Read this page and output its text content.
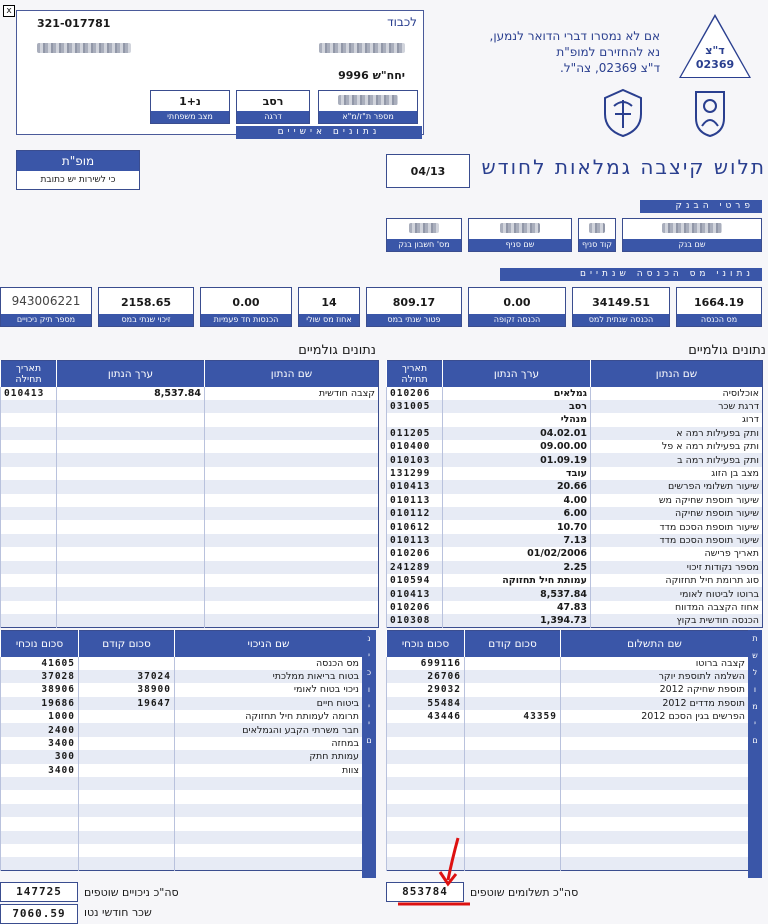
x
321-017781	לכבוד
יחח"ש 9996
מספר ת"ז/מ"א
רסב
דרגה
נ+1
מצב משפחתי
נתונים אישיים
אם לא נמסרו דברי הדואר לנמען,
נא להחזירם למופ"ת
ד"צ 02369, צה"ל.
ד"צ
02369
מופ"ת
כי לשירות יש כתובת
04/13	תלוש קיצבה גמלאות לחודש
פרטי הבנק
שם בנק
קוד סניף
שם סניף
מס' חשבון בנק
נתוני מס הכנסה שנתיים
1664.19
מס הכנסה
34149.51
הכנסה שנתית למס
0.00
הכנסה זקופה
809.17
פטור שנתי במס
14
אחוז מס שולי
0.00
הכנסות חד פעמיות
2158.65
זיכוי שנתי במס
943006221
מספר תיק ניכויים
נתונים גולמיים
נתונים גולמיים
תאריך תחילה	ערך הנתון	שם הנתון
010206	גמלאים	אוכלוסיה
031005	רסב	דרגת שכר
	מנהלי	דרוג
011205	04.02.01	ותק בפעילות רמה א
010400	09.00.00	ותק בפעילות רמה א פל
010103	01.09.19	ותק בפעילות רמה ב
131299	עובד	מצב בן הזוג
010413	20.66	שיעור תשלומי הפרשים
010113	4.00	שיעור תוספת שחיקה מש
010112	6.00	שיעור תוספת שחיקה
010612	10.70	שיעור תוספת הסכם מדד
010113	7.13	שיעור תוספת הסכם מדד
010206	01/02/2006	תאריך פרישה
241289	2.25	מספר נקודות זיכוי
010594	עמותת חיל תחזוקה	סוג תרומת חיל תחזוקה
010413	8,537.84	ברוטו לביטוח לאומי
010206	47.83	אחוז הקצבה המדווח
010308	1,394.73	הכנסה חודשית בקוץ
תאריך תחילה	ערך הנתון	שם הנתון
010413	8,537.84	קצבה חודשית

סכום נוכחי	סכום קודם	שם התשלום
699116		קצבה ברוטו
26706		השלמה לתוספת יוקר
29032		תוספת שחיקה 2012
55484		תוספת מדדים 2012
43446	43359	הפרשים בגין הסכם 2012

ת
ש
ל
ו
מ
י
ם
סכום נוכחי	סכום קודם	שם הניכוי
41605		מס הכנסה
37028	37024	בטוח בריאות ממלכתי
38906	38900	ניכוי בטוח לאומי
19686	19647	ביטוח חיים
1000		תרומה לעמותת חיל תחזוקה
2400		חבר משרתי הקבע והגמלאים
3400		במחזה
300		עמותת חתק
3400		צוות

נ
י
כ
ו
י
י
ם
853784	סה"כ תשלומים שוטפים
147725	סה"כ ניכויים שוטפים
7060.59	שכר חודשי נטו
